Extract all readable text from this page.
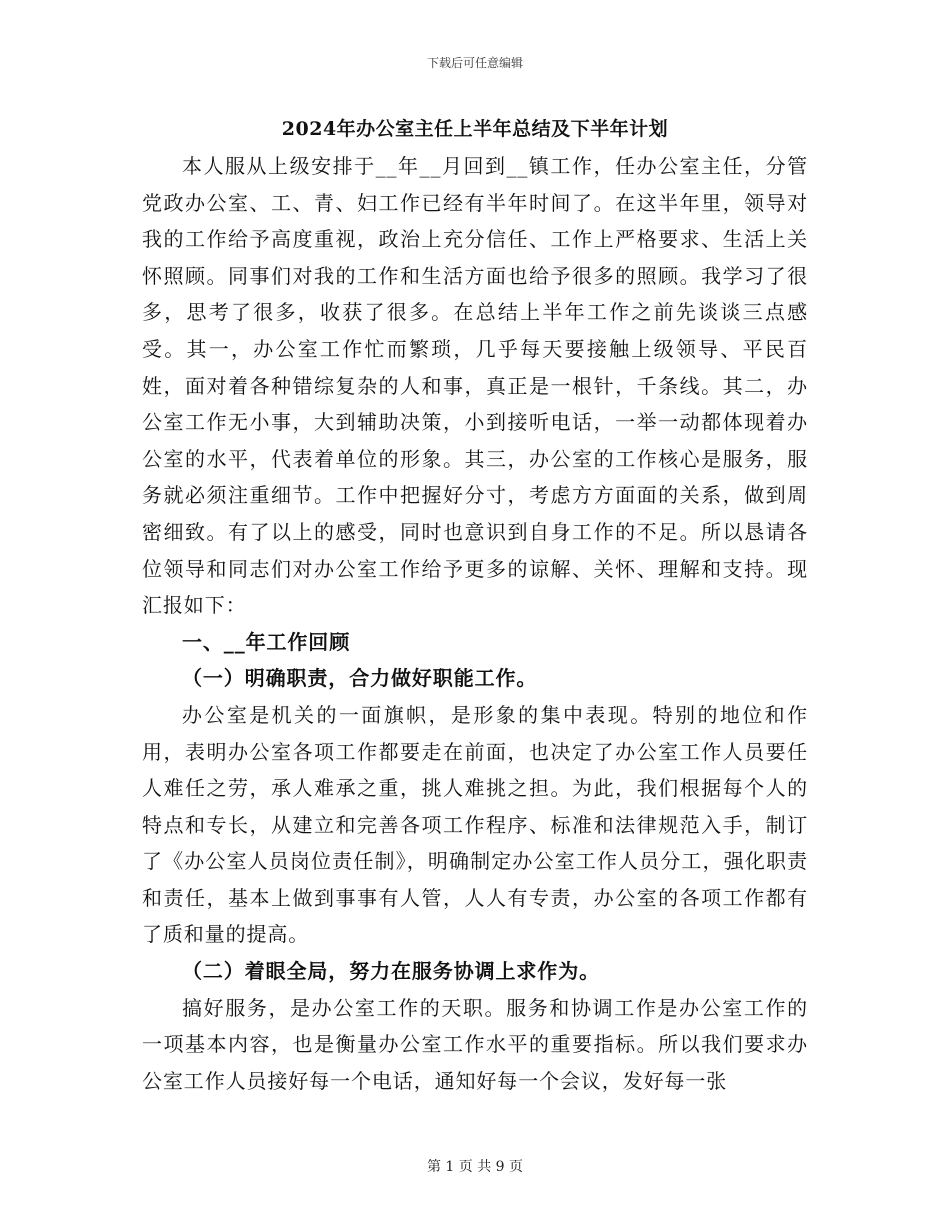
下载后可任意编辑
2024年办公室主任上半年总结及下半年计划

本人服从上级安排于__年__月回到__镇工作，任办公室主任，分管党政办公室、工、青、妇工作已经有半年时间了。在这半年里，领导对我的工作给予高度重视，政治上充分信任、工作上严格要求、生活上关怀照顾。同事们对我的工作和生活方面也给予很多的照顾。我学习了很多，思考了很多，收获了很多。在总结上半年工作之前先谈谈三点感受。其一，办公室工作忙而繁琐，几乎每天要接触上级领导、平民百姓，面对着各种错综复杂的人和事，真正是一根针，千条线。其二，办公室工作无小事，大到辅助决策，小到接听电话，一举一动都体现着办公室的水平，代表着单位的形象。其三，办公室的工作核心是服务，服务就必须注重细节。工作中把握好分寸，考虑方方面面的关系，做到周密细致。有了以上的感受，同时也意识到自身工作的不足。所以恳请各位领导和同志们对办公室工作给予更多的谅解、关怀、理解和支持。现汇报如下：

一、__年工作回顾

（一）明确职责，合力做好职能工作。

办公室是机关的一面旗帜，是形象的集中表现。特别的地位和作用，表明办公室各项工作都要走在前面，也决定了办公室工作人员要任人难任之劳，承人难承之重，挑人难挑之担。为此，我们根据每个人的特点和专长，从建立和完善各项工作程序、标准和法律规范入手，制订了《办公室人员岗位责任制》，明确制定办公室工作人员分工，强化职责和责任，基本上做到事事有人管，人人有专责，办公室的各项工作都有了质和量的提高。

（二）着眼全局，努力在服务协调上求作为。

搞好服务，是办公室工作的天职。服务和协调工作是办公室工作的一项基本内容，也是衡量办公室工作水平的重要指标。所以我们要求办公室工作人员接好每一个电话，通知好每一个会议，发好每一张

第 1 页 共 9 页
